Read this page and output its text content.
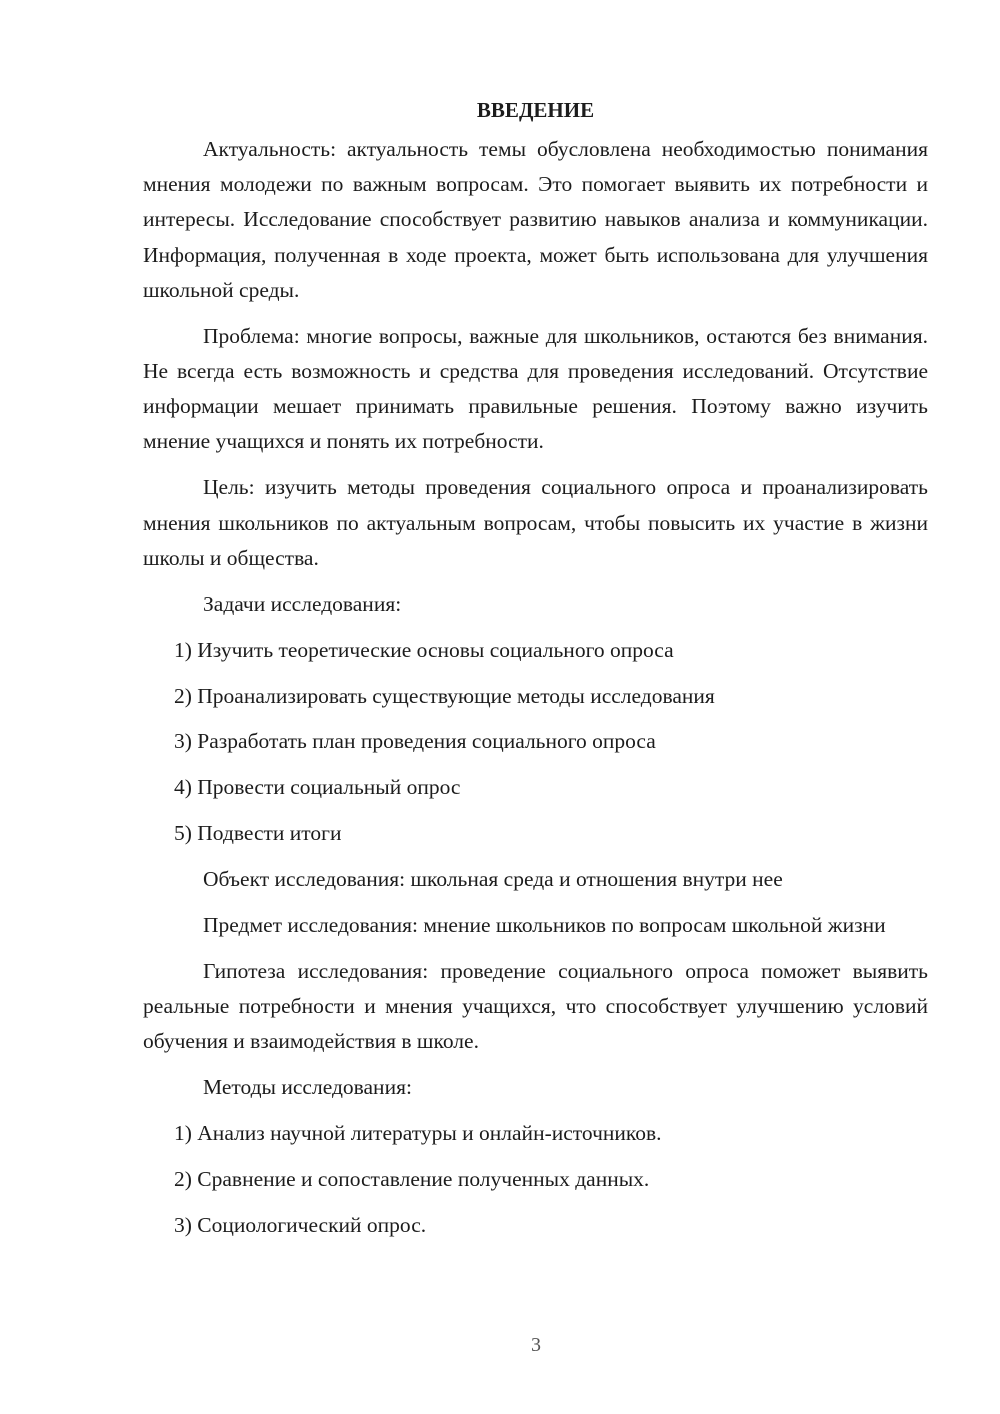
ВВЕДЕНИЕ

Актуальность: актуальность темы обусловлена необходимостью понимания мнения молодежи по важным вопросам. Это помогает выявить их потребности и интересы. Исследование способствует развитию навыков анализа и коммуникации. Информация, полученная в ходе проекта, может быть использована для улучшения школьной среды.

Проблема: многие вопросы, важные для школьников, остаются без внимания. Не всегда есть возможность и средства для проведения исследований. Отсутствие информации мешает принимать правильные решения. Поэтому важно изучить мнение учащихся и понять их потребности.

Цель: изучить методы проведения социального опроса и проанализировать мнения школьников по актуальным вопросам, чтобы повысить их участие в жизни школы и общества.

Задачи исследования:

1) Изучить теоретические основы социального опроса
2) Проанализировать существующие методы исследования
3) Разработать план проведения социального опроса
4) Провести социальный опрос
5) Подвести итоги

Объект исследования: школьная среда и отношения внутри нее

Предмет исследования: мнение школьников по вопросам школьной жизни

Гипотеза исследования: проведение социального опроса поможет выявить реальные потребности и мнения учащихся, что способствует улучшению условий обучения и взаимодействия в школе.

Методы исследования:

1) Анализ научной литературы и онлайн-источников.
2) Сравнение и сопоставление полученных данных.
3) Социологический опрос.
3
